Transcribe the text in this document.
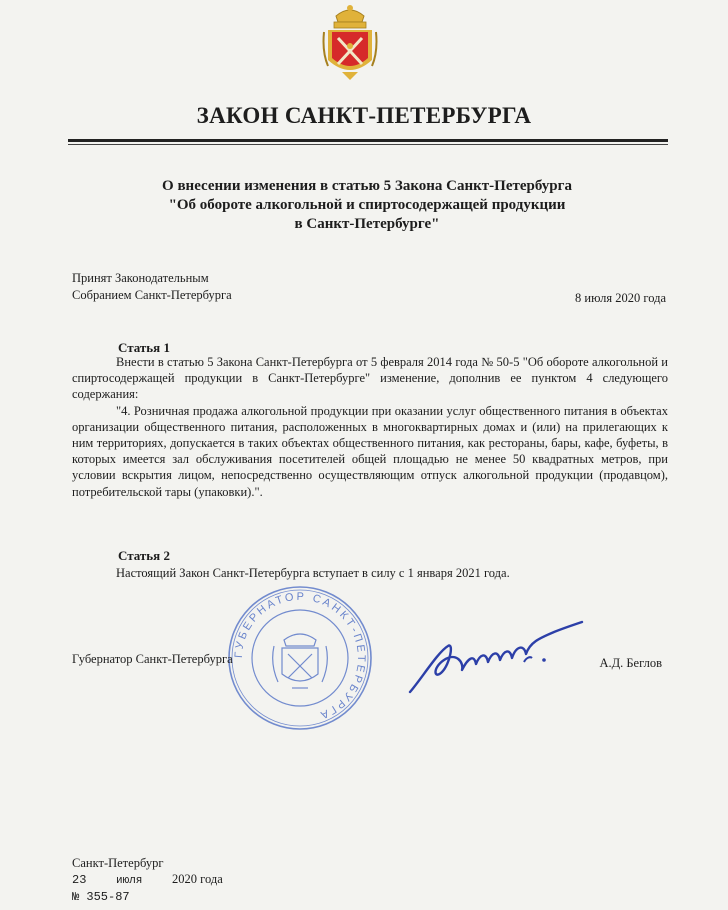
ЗАКОН САНКТ-ПЕТЕРБУРГА
О внесении изменения в статью 5 Закона Санкт-Петербурга
"Об обороте алкогольной и спиртосодержащей продукции
в Санкт-Петербурге"
Принят Законодательным
Собранием Санкт-Петербурга	8 июля 2020 года
Статья 1
Внести в статью 5 Закона Санкт-Петербурга от 5 февраля 2014 года № 50-5 "Об обороте алкогольной и спиртосодержащей продукции в Санкт-Петербурге" изменение, дополнив ее пунктом 4 следующего содержания:
"4. Розничная продажа алкогольной продукции при оказании услуг общественного питания в объектах организации общественного питания, расположенных в многоквартирных домах и (или) на прилегающих к ним территориях, допускается в таких объектах общественного питания, как рестораны, бары, кафе, буфеты, в которых имеется зал обслуживания посетителей общей площадью не менее 50 квадратных метров, при условии вскрытия лицом, непосредственно осуществляющим отпуск алкогольной продукции (продавцом), потребительской тары (упаковки).".
Статья 2
Настоящий Закон Санкт-Петербурга вступает в силу с 1 января 2021 года.
ГУБЕРНАТОР САНКТ-ПЕТЕРБУРГА
Губернатор Санкт-Петербурга	А.Д. Беглов
Санкт-Петербург
23	июля 2020 года
№ 355-87
